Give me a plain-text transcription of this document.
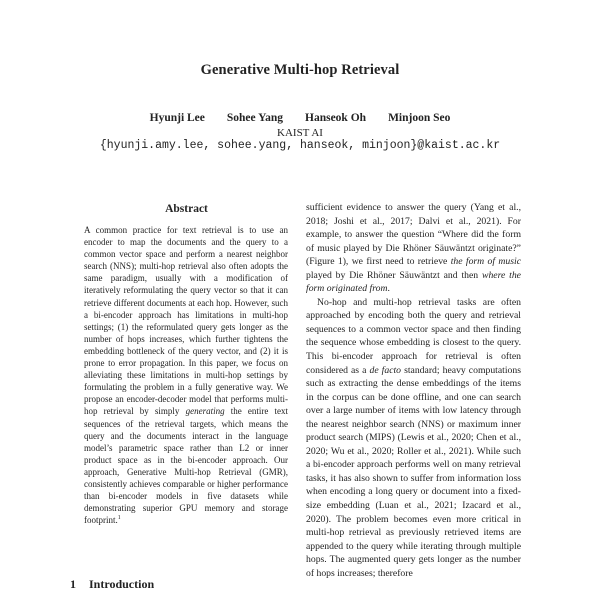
Generative Multi-hop Retrieval
Hyunji Lee Sohee Yang Hanseok Oh Minjoon Seo
KAIST AI
{hyunji.amy.lee, sohee.yang, hanseok, minjoon}@kaist.ac.kr
Abstract
A common practice for text retrieval is to use an encoder to map the documents and the query to a common vector space and perform a nearest neighbor search (NNS); multi-hop retrieval also often adopts the same paradigm, usually with a modification of iteratively reformulating the query vector so that it can retrieve different documents at each hop. However, such a bi-encoder approach has limitations in multi-hop settings; (1) the reformulated query gets longer as the number of hops increases, which further tightens the embedding bottleneck of the query vector, and (2) it is prone to error propagation. In this paper, we focus on alleviating these limitations in multi-hop settings by formulating the problem in a fully generative way. We propose an encoder-decoder model that performs multi-hop retrieval by simply generating the entire text sequences of the retrieval targets, which means the query and the documents interact in the language model’s parametric space rather than L2 or inner product space as in the bi-encoder approach. Our approach, Generative Multi-hop Retrieval (GMR), consistently achieves comparable or higher performance than bi-encoder models in five datasets while demonstrating superior GPU memory and storage footprint.$^1$
1 Introduction

sufficient evidence to answer the query (Yang et al., 2018; Joshi et al., 2017; Dalvi et al., 2021). For example, to answer the question “Where did the form of music played by Die Rhöner Säuwäntzt originate?” (Figure 1), we first need to retrieve the form of music played by Die Rhöner Säuwäntzt and then where the form originated from.

No-hop and multi-hop retrieval tasks are often approached by encoding both the query and retrieval sequences to a common vector space and then finding the sequence whose embedding is closest to the query. This bi-encoder approach for retrieval is often considered as a de facto standard; heavy computations such as extracting the dense embeddings of the items in the corpus can be done offline, and one can search over a large number of items with low latency through the nearest neighbor search (NNS) or maximum inner product search (MIPS) (Lewis et al., 2020; Chen et al., 2020; Wu et al., 2020; Roller et al., 2021). While such a bi-encoder approach performs well on many retrieval tasks, it has also shown to suffer from information loss when encoding a long query or document into a fixed-size embedding (Luan et al., 2021; Izacard et al., 2020). The problem becomes even more critical in multi-hop retrieval as previously retrieved items are appended to the query while iterating through multiple hops. The augmented query gets longer as the number of hops increases; therefore
